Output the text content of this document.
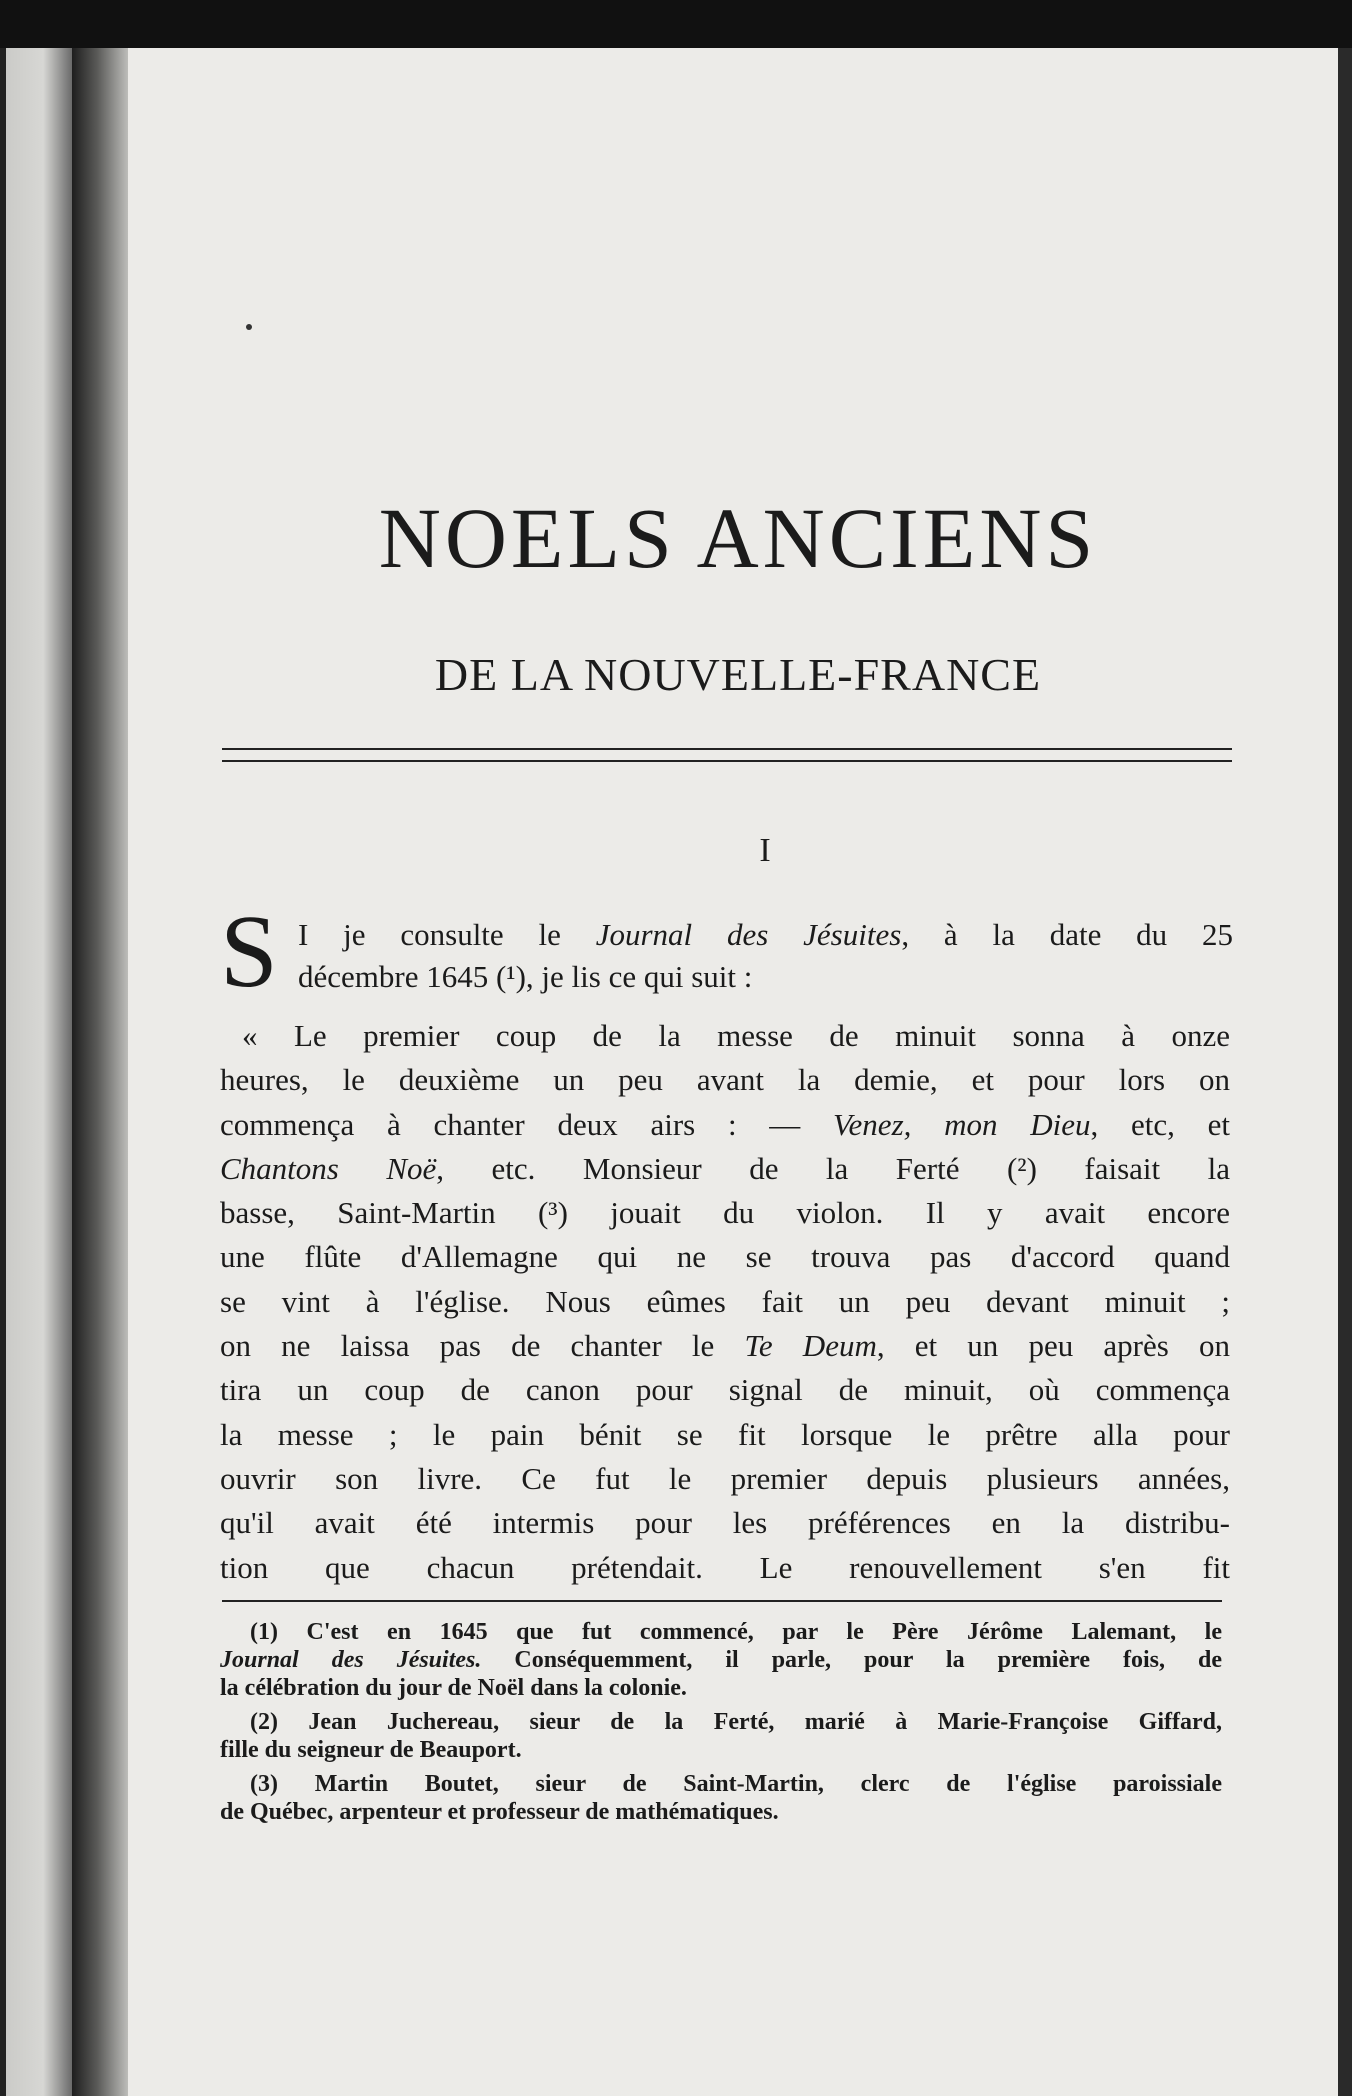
NOELS ANCIENS
DE LA NOUVELLE-FRANCE
I
S I je consulte le Journal des Jésuites, à la date du 25
décembre 1645 (¹), je lis ce qui suit :
« Le premier coup de la messe de minuit sonna à onze
heures, le deuxième un peu avant la demie, et pour lors on
commença à chanter deux airs : — Venez, mon Dieu, etc, et
Chantons Noë, etc. Monsieur de la Ferté (²) faisait la
basse, Saint-Martin (³) jouait du violon. Il y avait encore
une flûte d'Allemagne qui ne se trouva pas d'accord quand
se vint à l'église. Nous eûmes fait un peu devant minuit ;
on ne laissa pas de chanter le Te Deum, et un peu après on
tira un coup de canon pour signal de minuit, où commença
la messe ; le pain bénit se fit lorsque le prêtre alla pour
ouvrir son livre. Ce fut le premier depuis plusieurs années,
qu'il avait été intermis pour les préférences en la distribu-
tion que chacun prétendait. Le renouvellement s'en fit
(1) C'est en 1645 que fut commencé, par le Père Jérôme Lalemant, le
Journal des Jésuites. Conséquemment, il parle, pour la première fois, de
la célébration du jour de Noël dans la colonie.
(2) Jean Juchereau, sieur de la Ferté, marié à Marie-Françoise Giffard,
fille du seigneur de Beauport.
(3) Martin Boutet, sieur de Saint-Martin, clerc de l'église paroissiale
de Québec, arpenteur et professeur de mathématiques.
